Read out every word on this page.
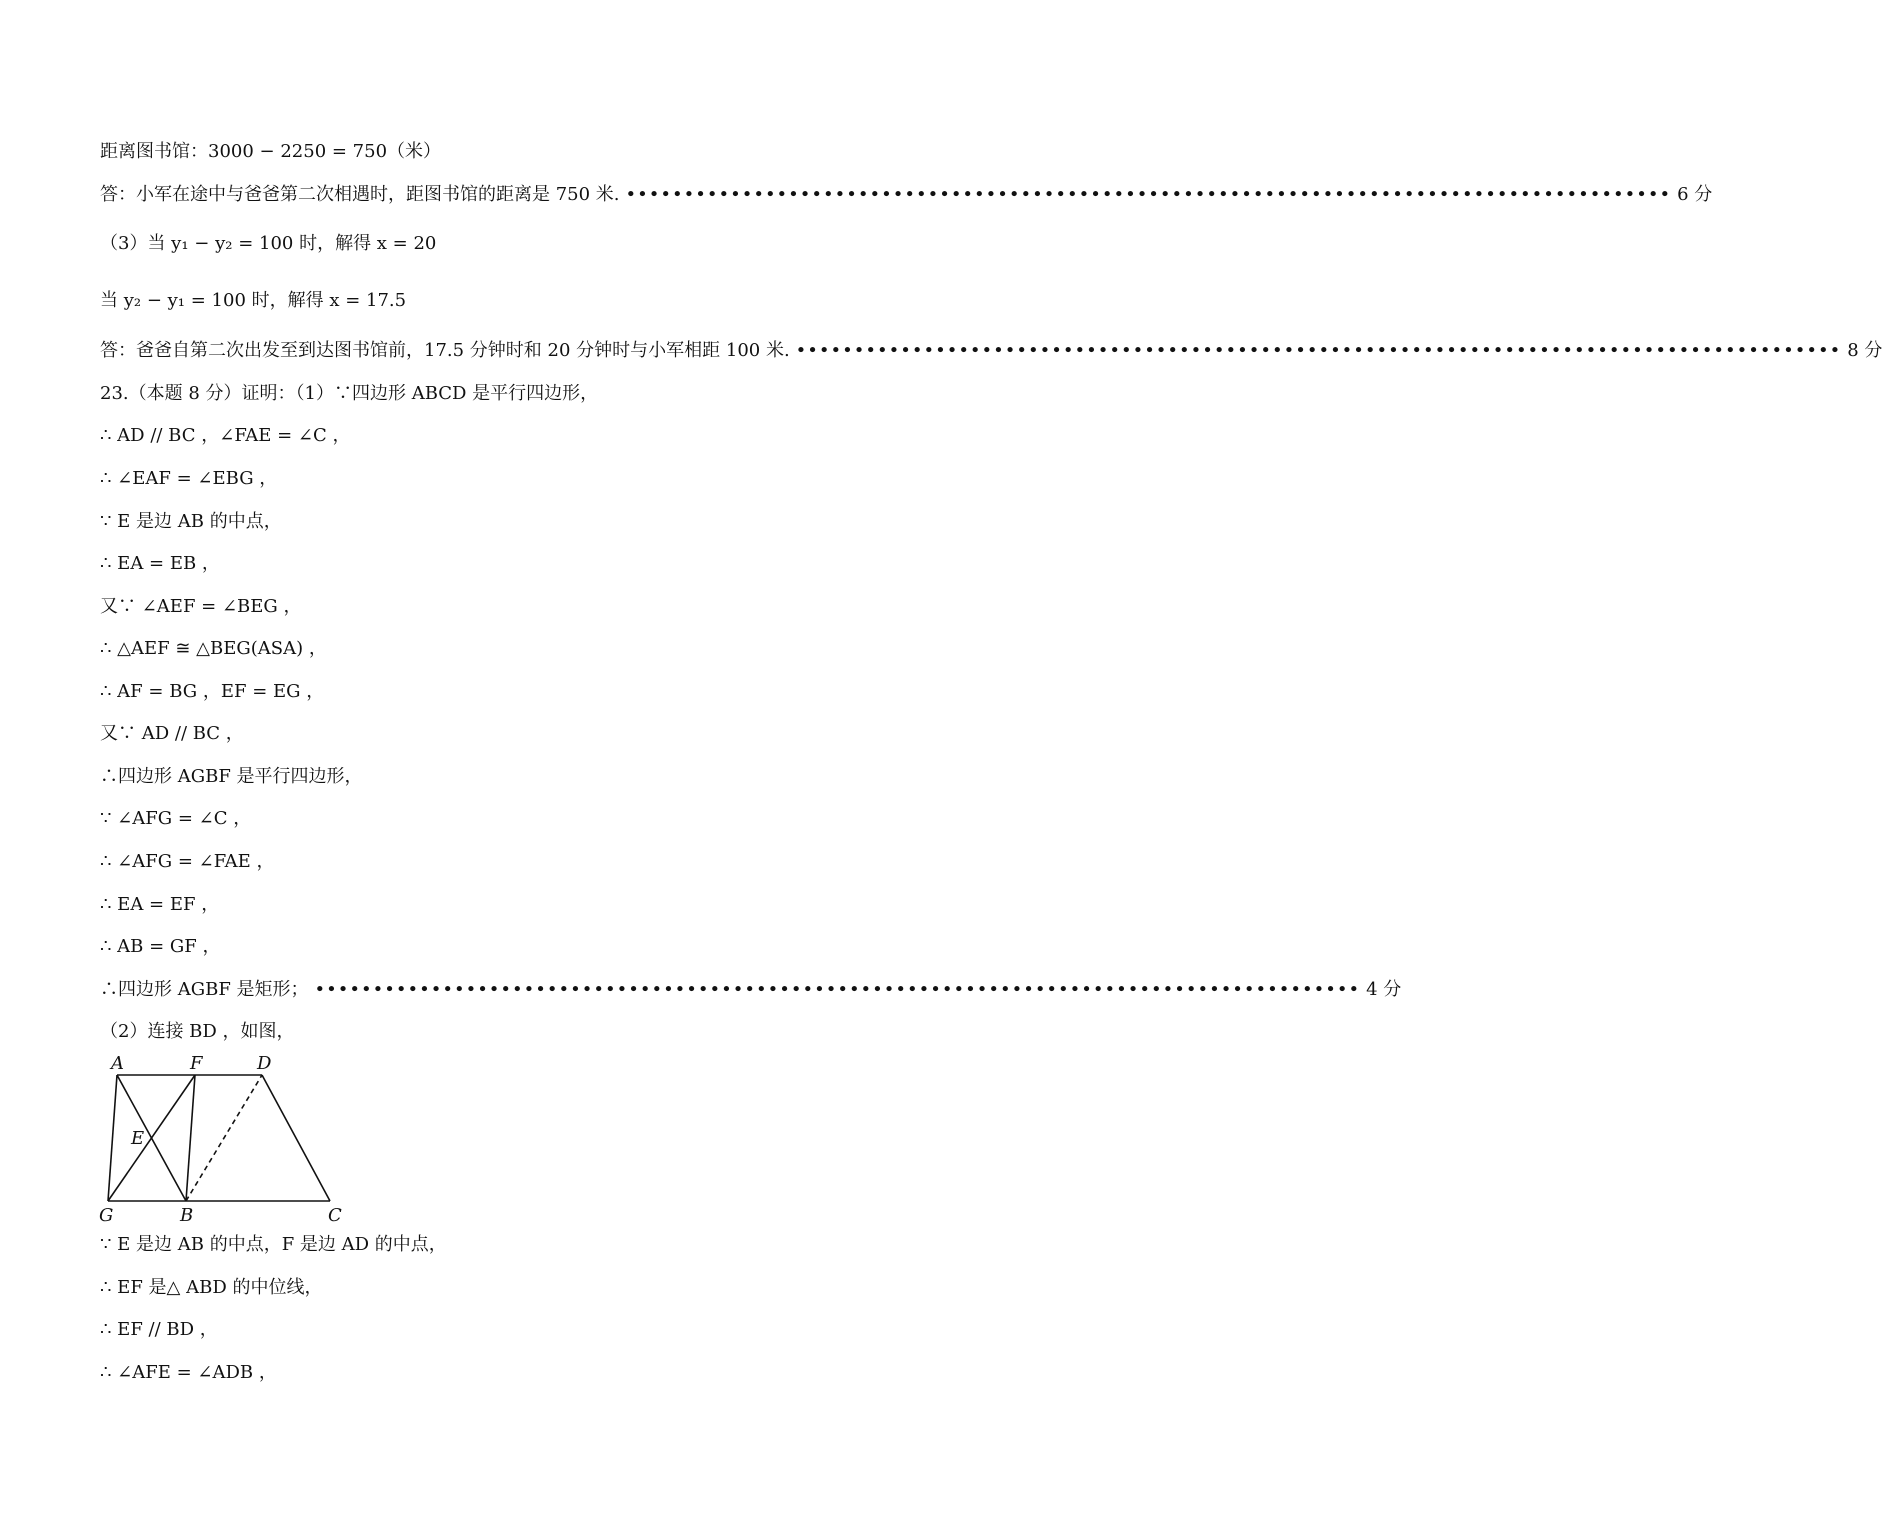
距离图书馆：3000 − 2250 = 750（米）
答：小军在途中与爸爸第二次相遇时，距图书馆的距离是 750 米. •••••••••••••••••••••••••••••••••••••••••••••••••••••••••••••••••••••••••••••••••••••••••• 6 分
（3）当 y₁ − y₂ = 100 时，解得 x = 20
当 y₂ − y₁ = 100 时，解得 x = 17.5
答：爸爸自第二次出发至到达图书馆前，17.5 分钟时和 20 分钟时与小军相距 100 米. •••••••••••••••••••••••••••••••••••••••••••••••••••••••••••••••••••••••••••••••••••••••••• 8 分
23.（本题 8 分）证明：（1）∵四边形 ABCD 是平行四边形，
∴ AD // BC ，∠FAE = ∠C ，
∴ ∠EAF = ∠EBG ，
∵ E 是边 AB 的中点，
∴ EA = EB ，
又∵ ∠AEF = ∠BEG ，
∴ △AEF ≅ △BEG(ASA) ，
∴ AF = BG ，EF = EG ，
又∵ AD // BC ，
∴四边形 AGBF 是平行四边形，
∵ ∠AFG = ∠C ，
∴ ∠AFG = ∠FAE ，
∴ EA = EF ，
∴ AB = GF ，
∴四边形 AGBF 是矩形； •••••••••••••••••••••••••••••••••••••••••••••••••••••••••••••••••••••••••••••••••••••••••• 4 分
（2）连接 BD ，如图，
A	F	D
E
G	B	C
∵ E 是边 AB 的中点，F 是边 AD 的中点，
∴ EF 是△ ABD 的中位线，
∴ EF // BD ，
∴ ∠AFE = ∠ADB ，
